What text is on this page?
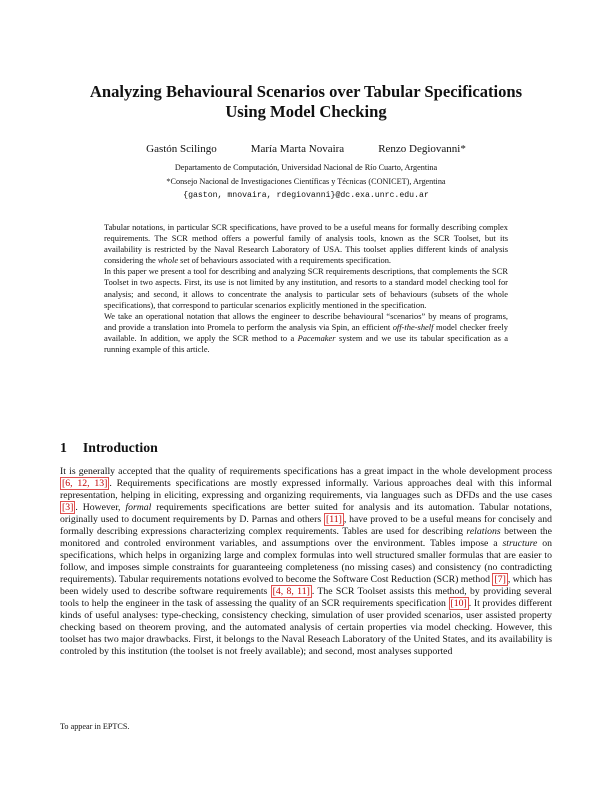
Analyzing Behavioural Scenarios over Tabular Specifications
Using Model Checking
Gastón Scilingo	María Marta Novaira	Renzo Degiovanni*
Departamento de Computación, Universidad Nacional de Río Cuarto, Argentina
*Consejo Nacional de Investigaciones Científicas y Técnicas (CONICET), Argentina
{gaston, mnovaira, rdegiovanni}@dc.exa.unrc.edu.ar

Tabular notations, in particular SCR specifications, have proved to be a useful means for formally describing complex requirements. The SCR method offers a powerful family of analysis tools, known as the SCR Toolset, but its availability is restricted by the Naval Research Laboratory of USA. This toolset applies different kinds of analysis considering the whole set of behaviours associated with a requirements specification.

In this paper we present a tool for describing and analyzing SCR requirements descriptions, that complements the SCR Toolset in two aspects. First, its use is not limited by any institution, and resorts to a standard model checking tool for analysis; and second, it allows to concentrate the analysis to particular sets of behaviours (subsets of the whole specifications), that correspond to particular scenarios explicitly mentioned in the specification.

We take an operational notation that allows the engineer to describe behavioural “scenarios” by means of programs, and provide a translation into Promela to perform the analysis via Spin, an efficient off-the-shelf model checker freely available. In addition, we apply the SCR method to a Pacemaker system and we use its tabular specification as a running example of this article.

1 Introduction

It is generally accepted that the quality of requirements specifications has a great impact in the whole development process [6, 12, 13] . Requirements specifications are mostly expressed informally. Various approaches deal with this informal representation, helping in eliciting, expressing and organizing requirements, via languages such as DFDs and the use cases [3] . However, formal requirements specifications are better suited for analysis and its automation. Tabular notations, originally used to document requirements by D. Parnas and others [11] , have proved to be a useful means for concisely and formally describing expressions characterizing complex requirements. Tables are used for describing relations between the monitored and controled environment variables, and assumptions over the environment. Tables impose a structure on specifications, which helps in organizing large and complex formulas into well structured smaller formulas that are easier to follow, and imposes simple constraints for guaranteeing completeness (no missing cases) and consistency (no contradicting requirements). Tabular requirements notations evolved to become the Software Cost Reduction (SCR) method [7] , which has been widely used to describe software requirements [4, 8, 11] . The SCR Toolset assists this method, by providing several tools to help the engineer in the task of assessing the quality of an SCR requirements specification [10] . It provides different kinds of useful analyses: type-checking, consistency checking, simulation of user provided scenarios, user assisted property checking based on theorem proving, and the automated analysis of certain properties via model checking. However, this toolset has two major drawbacks. First, it belongs to the Naval Reseach Laboratory of the United States, and its availability is controled by this institution (the toolset is not freely available); and second, most analyses supported

To appear in EPTCS.
